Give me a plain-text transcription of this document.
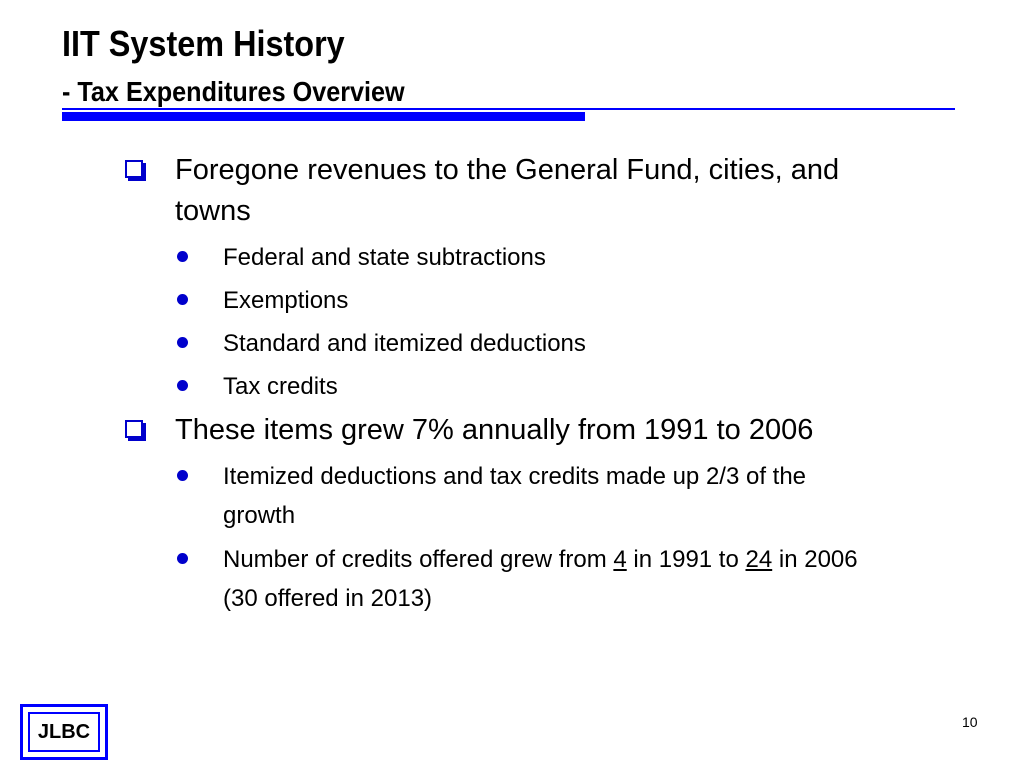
IIT System History
- Tax Expenditures Overview
Foregone revenues to the General Fund, cities, and towns
Federal and state subtractions
Exemptions
Standard and itemized deductions
Tax credits
These items grew 7% annually from 1991 to 2006
Itemized deductions and tax credits made up 2/3 of the growth
Number of credits offered grew from 4 in 1991 to 24 in 2006 (30 offered in 2013)
JLBC	10
